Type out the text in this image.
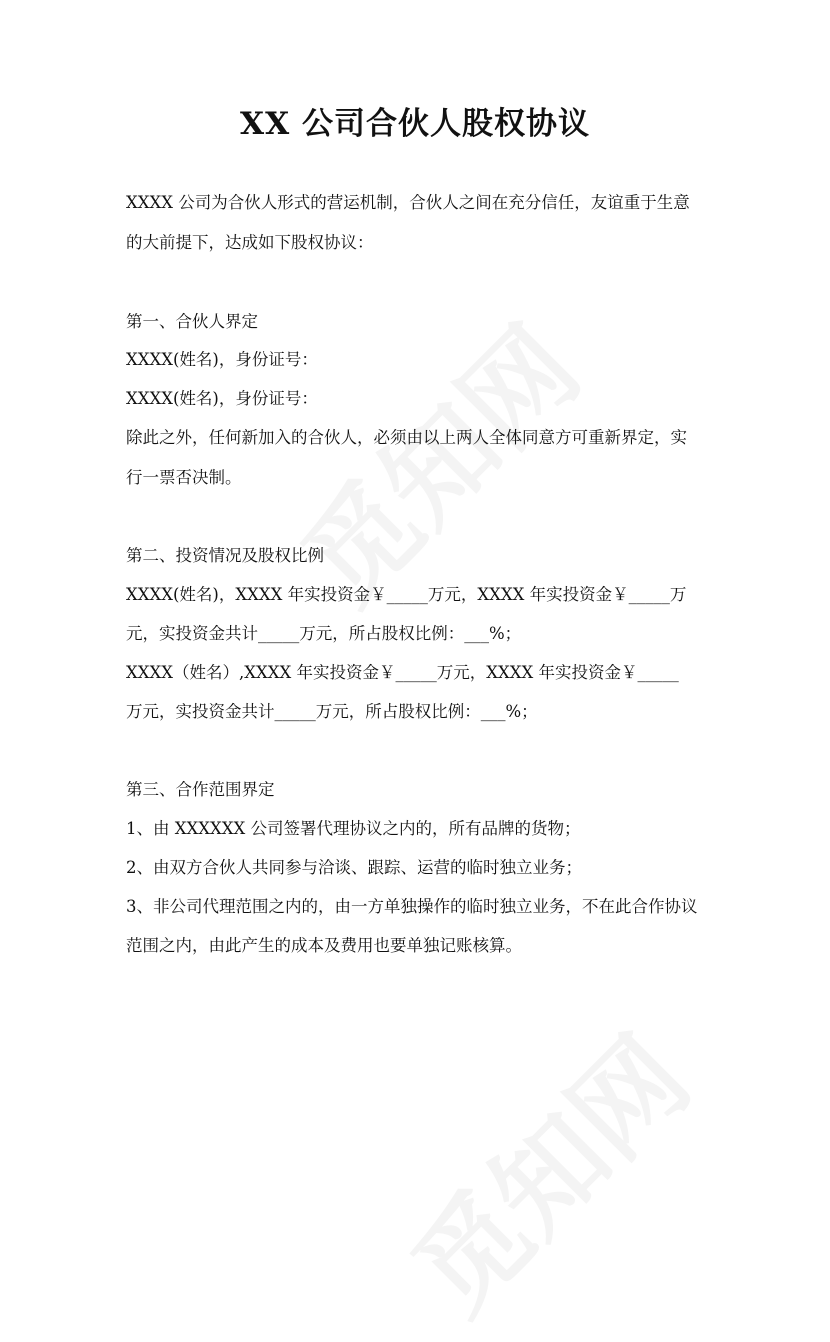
XX 公司合伙人股权协议
XXXX 公司为合伙人形式的营运机制，合伙人之间在充分信任，友谊重于生意
的大前提下，达成如下股权协议：
第一、合伙人界定
XXXX(姓名)，身份证号：
XXXX(姓名)，身份证号：
除此之外，任何新加入的合伙人，必须由以上两人全体同意方可重新界定，实
行一票否决制。
第二、投资情况及股权比例
XXXX(姓名)，XXXX 年实投资金￥_____万元，XXXX 年实投资金￥_____万
元，实投资金共计_____万元，所占股权比例：___%；
XXXX（姓名）,XXXX 年实投资金￥_____万元，XXXX 年实投资金￥_____
万元，实投资金共计_____万元，所占股权比例：___%；
第三、合作范围界定
1、由 XXXXXX 公司签署代理协议之内的，所有品牌的货物；
2、由双方合伙人共同参与洽谈、跟踪、运营的临时独立业务；
3、非公司代理范围之内的，由一方单独操作的临时独立业务，不在此合作协议
范围之内，由此产生的成本及费用也要单独记账核算。
